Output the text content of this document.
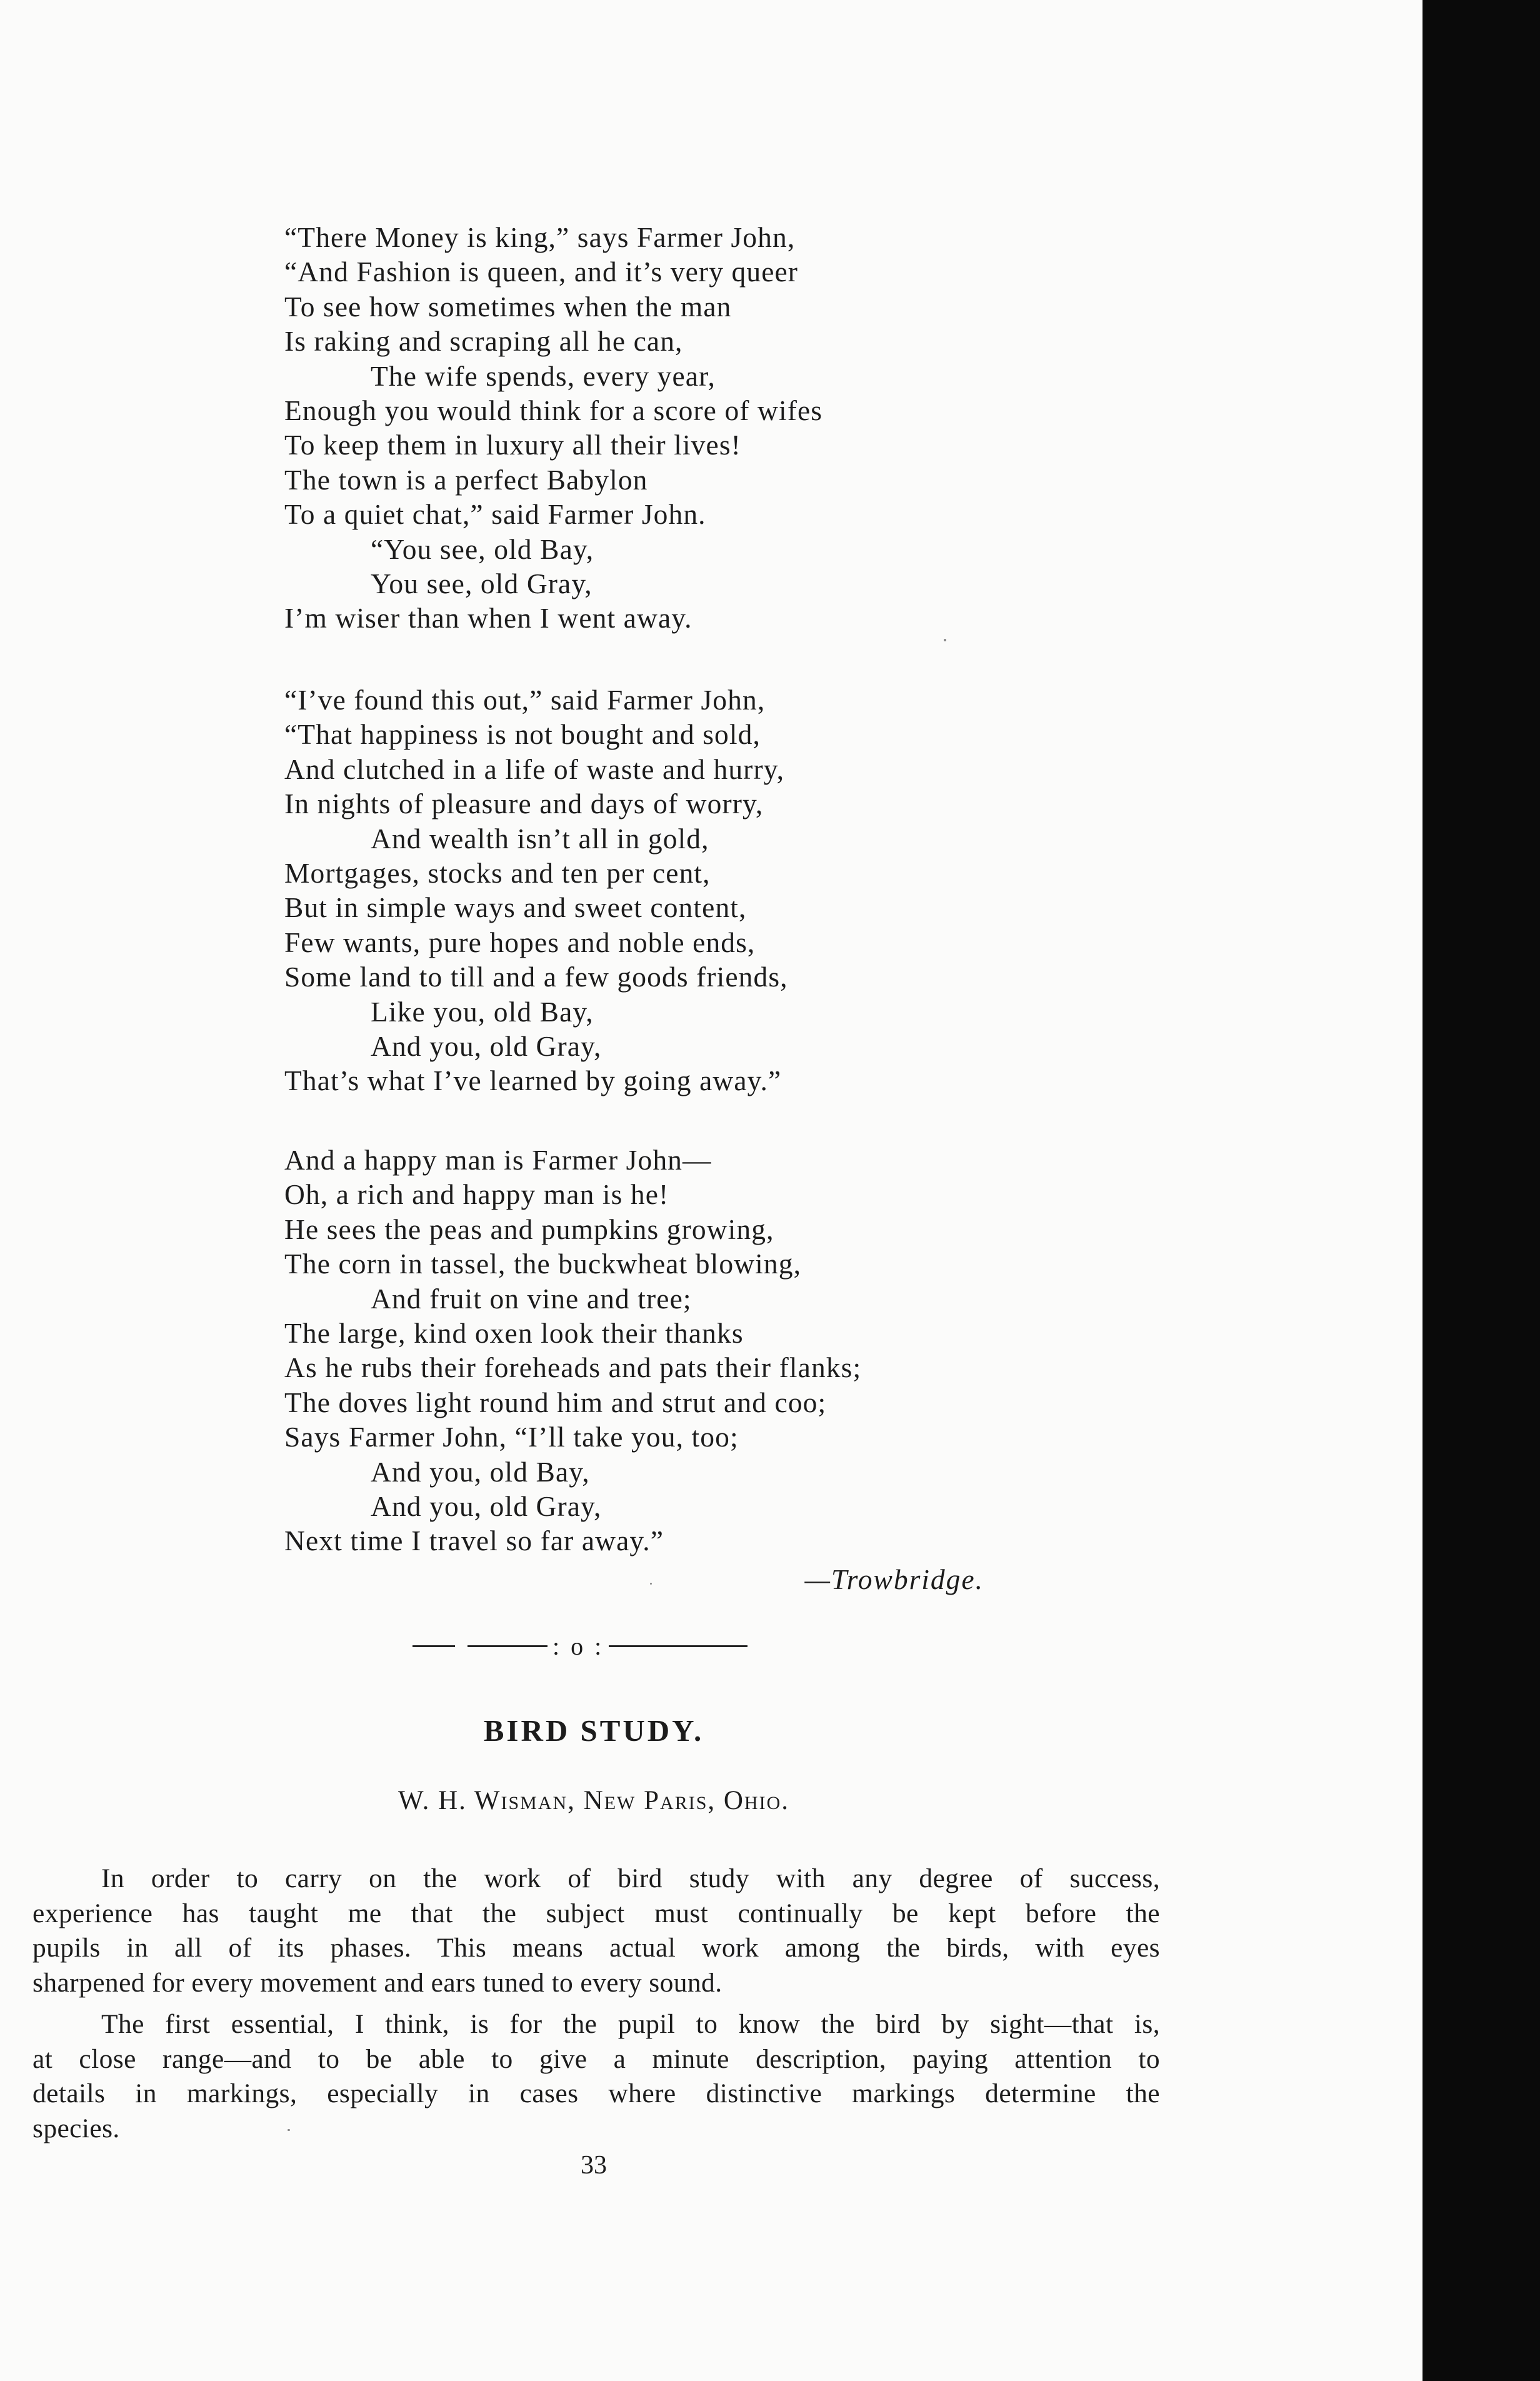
“There Money is king,” says Farmer John,
“And Fashion is queen, and it’s very queer
To see how sometimes when the man
Is raking and scraping all he can,
The wife spends, every year,
Enough you would think for a score of wifes
To keep them in luxury all their lives!
The town is a perfect Babylon
To a quiet chat,” said Farmer John.
“You see, old Bay,
You see, old Gray,
I’m wiser than when I went away.
“I’ve found this out,” said Farmer John,
“That happiness is not bought and sold,
And clutched in a life of waste and hurry,
In nights of pleasure and days of worry,
And wealth isn’t all in gold,
Mortgages, stocks and ten per cent,
But in simple ways and sweet content,
Few wants, pure hopes and noble ends,
Some land to till and a few goods friends,
Like you, old Bay,
And you, old Gray,
That’s what I’ve learned by going away.”
And a happy man is Farmer John—
Oh, a rich and happy man is he!
He sees the peas and pumpkins growing,
The corn in tassel, the buckwheat blowing,
And fruit on vine and tree;
The large, kind oxen look their thanks
As he rubs their foreheads and pats their flanks;
The doves light round him and strut and coo;
Says Farmer John, “I’ll take you, too;
And you, old Bay,
And you, old Gray,
Next time I travel so far away.”
—Trowbridge.
: o :
BIRD STUDY.
W. H. Wisman, New Paris, Ohio.
In order to carry on the work of bird study with any degree of success,
experience has taught me that the subject must continually be kept before the
pupils in all of its phases. This means actual work among the birds, with eyes
sharpened for every movement and ears tuned to every sound.
The first essential, I think, is for the pupil to know the bird by sight—that is,
at close range—and to be able to give a minute description, paying attention to
details in markings, especially in cases where distinctive markings determine the
species.
33
